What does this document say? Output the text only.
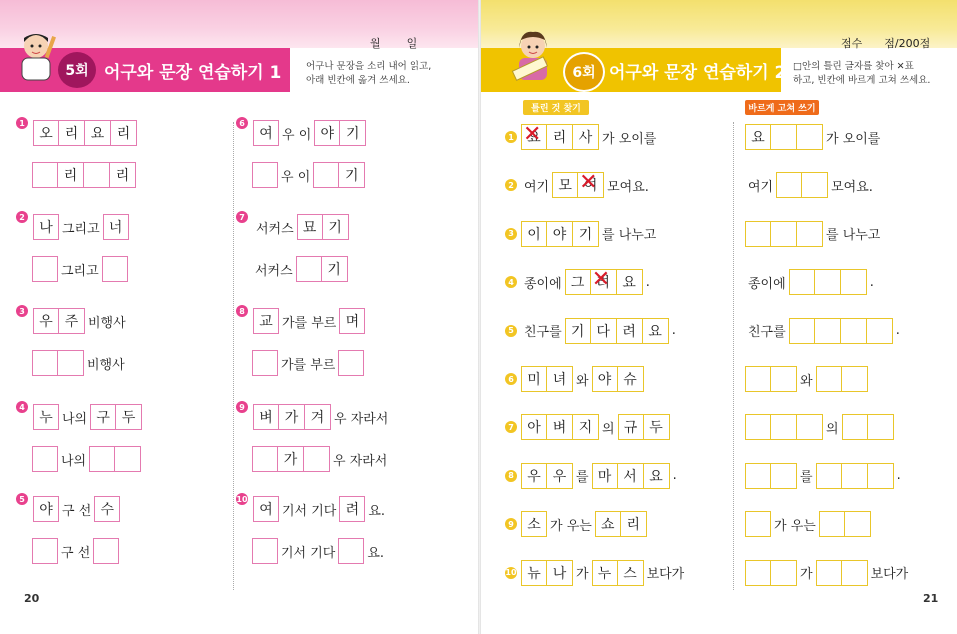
5회 어구와 문장 연습하기 1
월 일
어구나 문장을 소리 내어 읽고,
아래 빈칸에 옮겨 쓰세요.
1
오 리 요 리
리	리
2
나 그리고 너
그리고
3
우 주 비행사
비행사
4
누 나의 구 두
나의
5
야 구 선 수
구 선
6
여 우 이 야 기
우 이	기
7
서커스 묘 기
서커스	기
8
교 가를 부르 며
가를 부르
9
벼 가 겨 우 자라서
가	우 자라서
10
여 기서 기다 려 요.
기서 기다 요.
20
6회 어구와 문장 연습하기 2
점수 점/200점
□안의 틀린 글자를 찾아 ✕표
하고, 빈칸에 바르게 고쳐 쓰세요.
틀린 것 찾기	바르게 고쳐 쓰기
1 요 ✕ 리 사 가 오이를	요	가 오이를
2 여기 모 여 ✕ 모여요.	여기	모여요.
3 이 야 기 를 나누고	를 나누고
4 종이에 그 려 ✕ 요 .	종이에	.
5 친구를 기 다 려 요 .	친구를	.
6 미 녀 와 야 슈	와
7 아 벼 지 의 규 두	의
8 우 우 를 마 서 요 .	를	.
9 소 가 우는 쇼 리	가 우는
10 뉴 나 가 누 스 보다가	가	보다가
21
